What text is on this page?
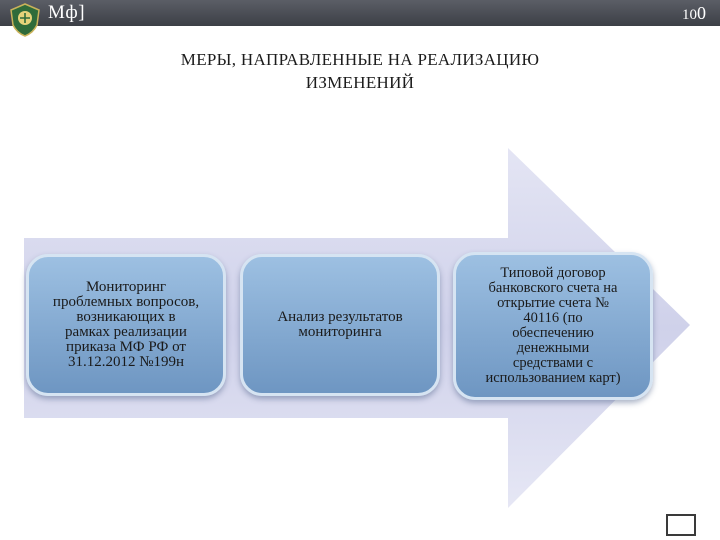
Мф]	100
МЕРЫ, НАПРАВЛЕННЫЕ НА РЕАЛИЗАЦИЮ
ИЗМЕНЕНИЙ
Мониторинг
проблемных вопросов,
возникающих в
рамках реализации
приказа МФ РФ от
31.12.2012 №199н
Анализ результатов
мониторинга
Типовой договор
банковского счета на
открытие счета №
40116 (по
обеспечению
денежными
средствами с
использованием карт)
